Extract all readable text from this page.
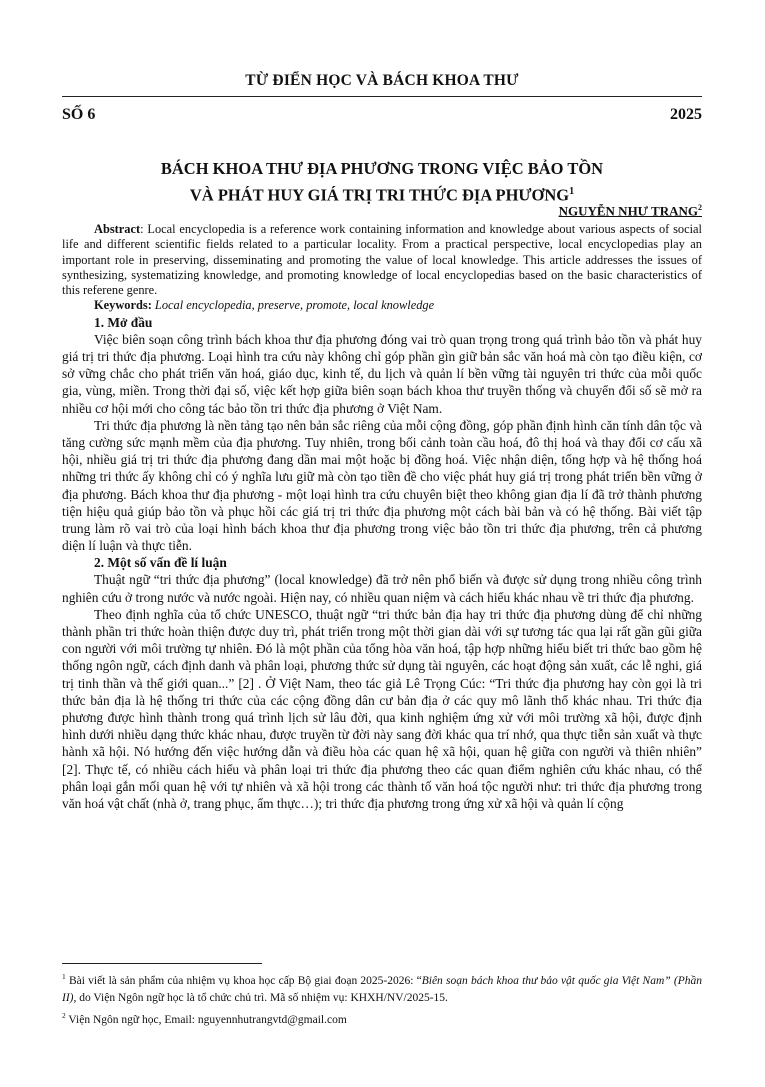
TỪ ĐIỂN HỌC VÀ BÁCH KHOA THƯ
SỐ 6	2025
BÁCH KHOA THƯ ĐỊA PHƯƠNG TRONG VIỆC BẢO TỒN
VÀ PHÁT HUY GIÁ TRỊ TRI THỨC ĐỊA PHƯƠNG$^1$
NGUYỄN NHƯ TRANG$^2$

Abstract: Local encyclopedia is a reference work containing information and knowledge about various aspects of social life and different scientific fields related to a particular locality. From a practical perspective, local encyclopedias play an important role in preserving, disseminating and promoting the value of local knowledge. This article addresses the issues of synthesizing, systematizing knowledge, and promoting knowledge of local encyclopedias based on the basic characteristics of this referene genre.

Keywords: Local encyclopedia, preserve, promote, local knowledge

1. Mở đầu

Việc biên soạn công trình bách khoa thư địa phương đóng vai trò quan trọng trong quá trình bảo tồn và phát huy giá trị tri thức địa phương. Loại hình tra cứu này không chỉ góp phần gìn giữ bản sắc văn hoá mà còn tạo điều kiện, cơ sở vững chắc cho phát triển văn hoá, giáo dục, kinh tế, du lịch và quản lí bền vững tài nguyên tri thức của mỗi quốc gia, vùng, miền. Trong thời đại số, việc kết hợp giữa biên soạn bách khoa thư truyền thống và chuyển đổi số sẽ mở ra nhiều cơ hội mới cho công tác bảo tồn tri thức địa phương ở Việt Nam.

Tri thức địa phương là nền tảng tạo nên bản sắc riêng của mỗi cộng đồng, góp phần định hình căn tính dân tộc và tăng cường sức mạnh mềm của địa phương. Tuy nhiên, trong bối cảnh toàn cầu hoá, đô thị hoá và thay đổi cơ cấu xã hội, nhiều giá trị tri thức địa phương đang dần mai một hoặc bị đồng hoá. Việc nhận diện, tổng hợp và hệ thống hoá những tri thức ấy không chỉ có ý nghĩa lưu giữ mà còn tạo tiền đề cho việc phát huy giá trị trong phát triển bền vững ở địa phương. Bách khoa thư địa phương - một loại hình tra cứu chuyên biệt theo không gian địa lí đã trở thành phương tiện hiệu quả giúp bảo tồn và phục hồi các giá trị tri thức địa phương một cách bài bản và có hệ thống. Bài viết tập trung làm rõ vai trò của loại hình bách khoa thư địa phương trong việc bảo tồn tri thức địa phương, trên cả phương diện lí luận và thực tiễn.

2. Một số vấn đề lí luận

Thuật ngữ “tri thức địa phương” (local knowledge) đã trở nên phổ biến và được sử dụng trong nhiều công trình nghiên cứu ở trong nước và nước ngoài. Hiện nay, có nhiều quan niệm và cách hiểu khác nhau về tri thức địa phương.

Theo định nghĩa của tổ chức UNESCO, thuật ngữ “tri thức bản địa hay tri thức địa phương dùng để chỉ những thành phần tri thức hoàn thiện được duy trì, phát triển trong một thời gian dài với sự tương tác qua lại rất gần gũi giữa con người với môi trường tự nhiên. Đó là một phần của tổng hòa văn hoá, tập hợp những hiểu biết tri thức bao gồm hệ thống ngôn ngữ, cách định danh và phân loại, phương thức sử dụng tài nguyên, các hoạt động sản xuất, các lễ nghi, giá trị tinh thần và thế giới quan...” [2] . Ở Việt Nam, theo tác giả Lê Trọng Cúc: “Tri thức địa phương hay còn gọi là tri thức bản địa là hệ thống tri thức của các cộng đồng dân cư bản địa ở các quy mô lãnh thổ khác nhau. Tri thức địa phương được hình thành trong quá trình lịch sử lâu đời, qua kinh nghiệm ứng xử với môi trường xã hội, được định hình dưới nhiều dạng thức khác nhau, được truyền từ đời này sang đời khác qua trí nhớ, qua thực tiễn sản xuất và thực hành xã hội. Nó hướng đến việc hướng dẫn và điều hòa các quan hệ xã hội, quan hệ giữa con người và thiên nhiên” [2]. Thực tế, có nhiều cách hiểu và phân loại tri thức địa phương theo các quan điểm nghiên cứu khác nhau, có thể phân loại gắn mối quan hệ với tự nhiên và xã hội trong các thành tố văn hoá tộc người như: tri thức địa phương trong văn hoá vật chất (nhà ở, trang phục, ẩm thực…); tri thức địa phương trong ứng xử xã hội và quản lí cộng

$^1$ Bài viết là sản phẩm của nhiệm vụ khoa học cấp Bộ giai đoạn 2025-2026: “Biên soạn bách khoa thư bảo vật quốc gia Việt Nam” (Phần II), do Viện Ngôn ngữ học là tổ chức chủ trì. Mã số nhiệm vụ: KHXH/NV/2025-15.

$^2$ Viện Ngôn ngữ học, Email: nguyennhutrangvtd@gmail.com
